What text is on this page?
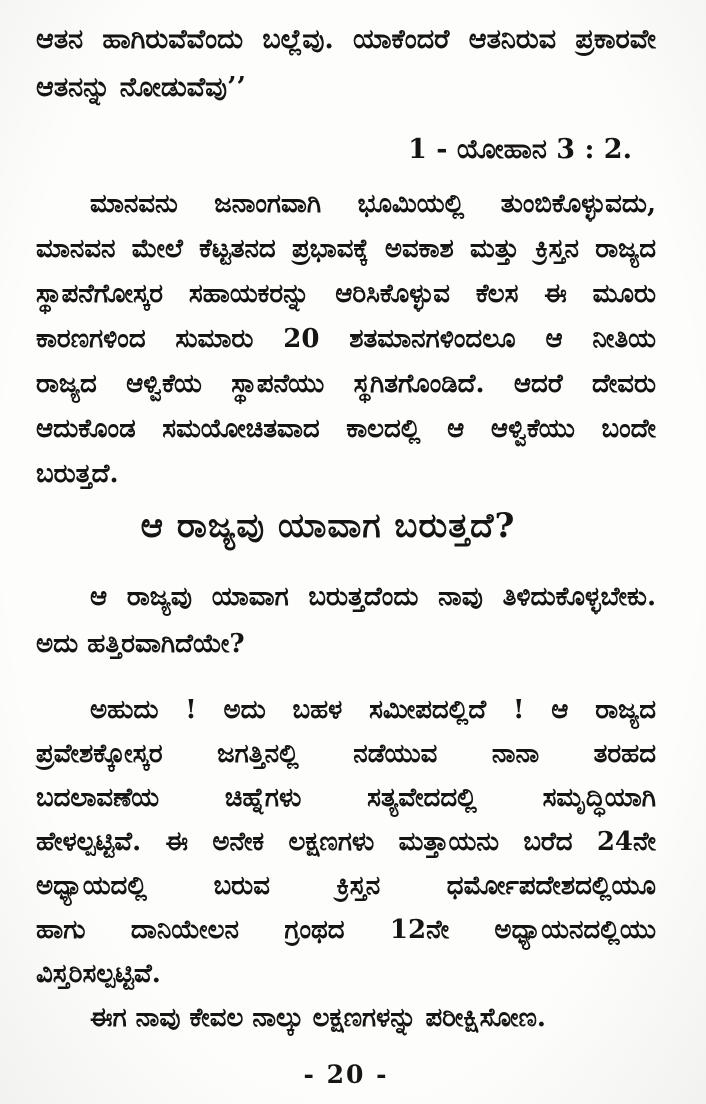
ಆತನ ಹಾಗಿರುವೆವೆಂದು ಬಲ್ಲೆವು. ಯಾಕೆಂದರೆ ಆತನಿರುವ ಪ್ರಕಾರವೇ
ಆತನನ್ನು ನೋಡುವೆವು’’
1 - ಯೋಹಾನ 3 : 2.
ಮಾನವನು ಜನಾಂಗವಾಗಿ ಭೂಮಿಯಲ್ಲಿ ತುಂಬಿಕೊಳ್ಳುವದು,
ಮಾನವನ ಮೇಲೆ ಕೆಟ್ಟತನದ ಪ್ರಭಾವಕ್ಕೆ ಅವಕಾಶ ಮತ್ತು ಕ್ರಿಸ್ತನ ರಾಜ್ಯದ
ಸ್ಥಾಪನೆಗೋಸ್ಕರ ಸಹಾಯಕರನ್ನು ಆರಿಸಿಕೊಳ್ಳುವ ಕೆಲಸ ಈ ಮೂರು
ಕಾರಣಗಳಿಂದ ಸುಮಾರು 20 ಶತಮಾನಗಳಿಂದಲೂ ಆ ನೀತಿಯ
ರಾಜ್ಯದ ಆಳ್ವಿಕೆಯ ಸ್ಥಾಪನೆಯು ಸ್ಥಗಿತಗೊಂಡಿದೆ. ಆದರೆ ದೇವರು
ಆದುಕೊಂಡ ಸಮಯೋಚಿತವಾದ ಕಾಲದಲ್ಲಿ ಆ ಆಳ್ವಿಕೆಯು ಬಂದೇ
ಬರುತ್ತದೆ.
ಆ ರಾಜ್ಯವು ಯಾವಾಗ ಬರುತ್ತದೆ?
ಆ ರಾಜ್ಯವು ಯಾವಾಗ ಬರುತ್ತದೆಂದು ನಾವು ತಿಳಿದುಕೊಳ್ಳಬೇಕು.
ಅದು ಹತ್ತಿರವಾಗಿದೆಯೇ?
ಅಹುದು ! ಅದು ಬಹಳ ಸಮೀಪದಲ್ಲಿದೆ ! ಆ ರಾಜ್ಯದ
ಪ್ರವೇಶಕ್ಕೋಸ್ಕರ ಜಗತ್ತಿನಲ್ಲಿ ನಡೆಯುವ ನಾನಾ ತರಹದ
ಬದಲಾವಣೆಯ ಚಿಹ್ನೆಗಳು ಸತ್ಯವೇದದಲ್ಲಿ ಸಮೃದ್ಧಿಯಾಗಿ
ಹೇಳಲ್ಪಟ್ಟಿವೆ. ಈ ಅನೇಕ ಲಕ್ಷಣಗಳು ಮತ್ತಾಯನು ಬರೆದ 24ನೇ
ಅಧ್ಯಾಯದಲ್ಲಿ ಬರುವ ಕ್ರಿಸ್ತನ ಧರ್ಮೋಪದೇಶದಲ್ಲಿಯೂ
ಹಾಗು ದಾನಿಯೇಲನ ಗ್ರಂಥದ 12ನೇ ಅಧ್ಯಾಯನದಲ್ಲಿಯು
ವಿಸ್ತರಿಸಲ್ಪಟ್ಟಿವೆ.
ಈಗ ನಾವು ಕೇವಲ ನಾಲ್ಕು ಲಕ್ಷಣಗಳನ್ನು ಪರೀಕ್ಷಿಸೋಣ.
- 20 -
